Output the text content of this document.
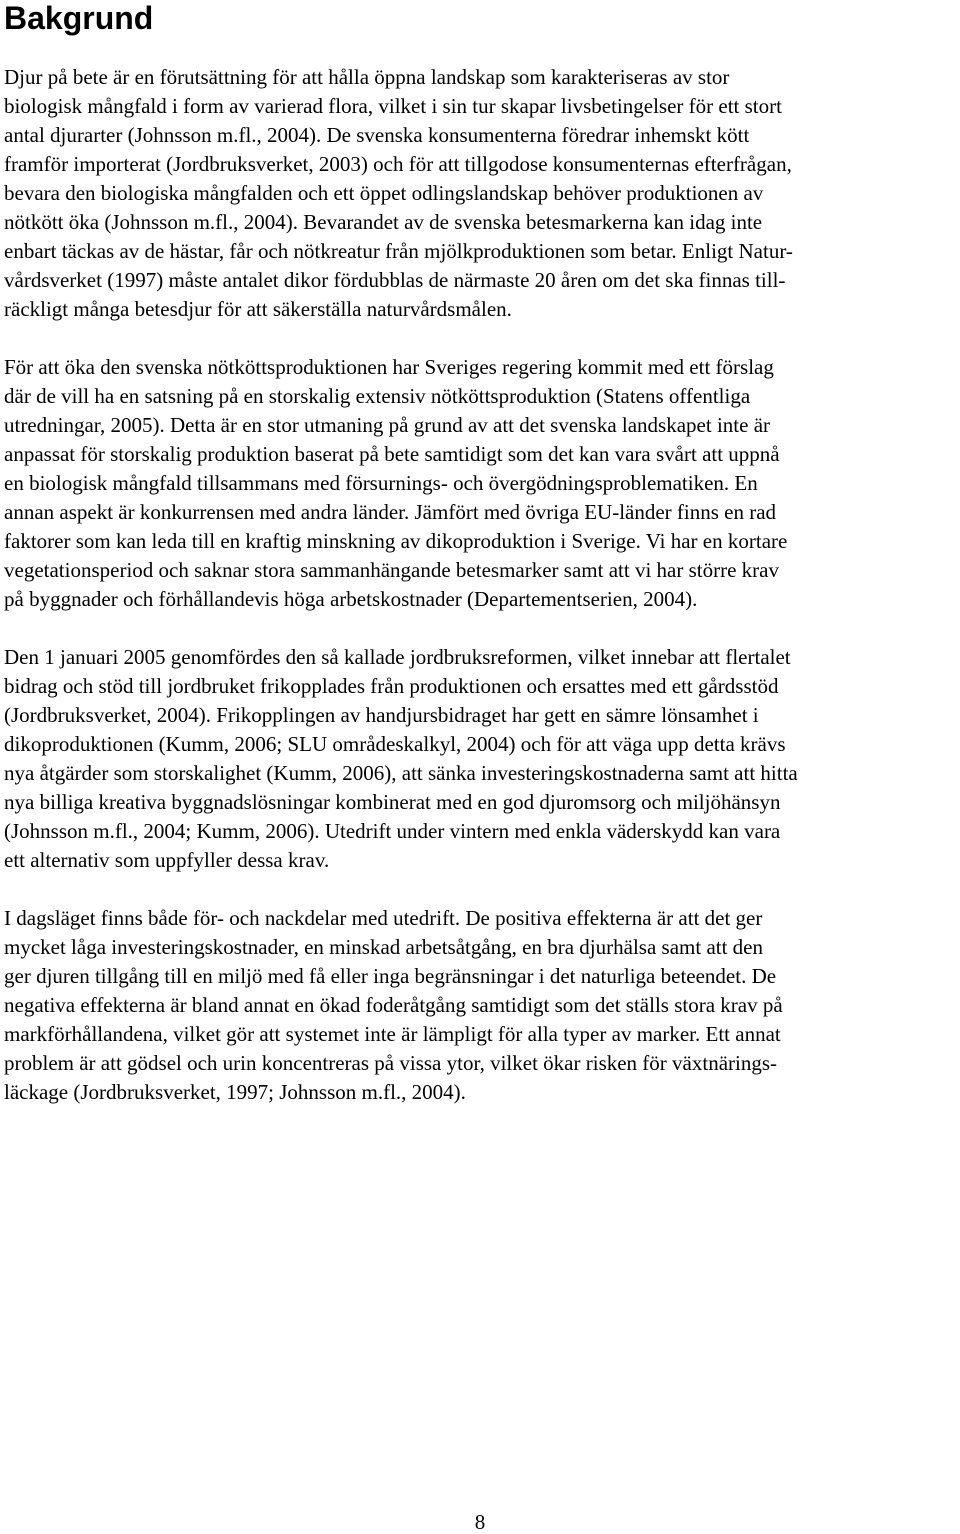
Bakgrund
Djur på bete är en förutsättning för att hålla öppna landskap som karakteriseras av stor
biologisk mångfald i form av varierad flora, vilket i sin tur skapar livsbetingelser för ett stort
antal djurarter (Johnsson m.fl., 2004). De svenska konsumenterna föredrar inhemskt kött
framför importerat (Jordbruksverket, 2003) och för att tillgodose konsumenternas efterfrågan,
bevara den biologiska mångfalden och ett öppet odlingslandskap behöver produktionen av
nötkött öka (Johnsson m.fl., 2004). Bevarandet av de svenska betesmarkerna kan idag inte
enbart täckas av de hästar, får och nötkreatur från mjölkproduktionen som betar. Enligt Natur-
vårdsverket (1997) måste antalet dikor fördubblas de närmaste 20 åren om det ska finnas till-
räckligt många betesdjur för att säkerställa naturvårdsmålen.
För att öka den svenska nötköttsproduktionen har Sveriges regering kommit med ett förslag
där de vill ha en satsning på en storskalig extensiv nötköttsproduktion (Statens offentliga
utredningar, 2005). Detta är en stor utmaning på grund av att det svenska landskapet inte är
anpassat för storskalig produktion baserat på bete samtidigt som det kan vara svårt att uppnå
en biologisk mångfald tillsammans med försurnings- och övergödningsproblematiken. En
annan aspekt är konkurrensen med andra länder. Jämfört med övriga EU-länder finns en rad
faktorer som kan leda till en kraftig minskning av dikoproduktion i Sverige. Vi har en kortare
vegetationsperiod och saknar stora sammanhängande betesmarker samt att vi har större krav
på byggnader och förhållandevis höga arbetskostnader (Departementserien, 2004).
Den 1 januari 2005 genomfördes den så kallade jordbruksreformen, vilket innebar att flertalet
bidrag och stöd till jordbruket frikopplades från produktionen och ersattes med ett gårdsstöd
(Jordbruksverket, 2004). Frikopplingen av handjursbidraget har gett en sämre lönsamhet i
dikoproduktionen (Kumm, 2006; SLU områdeskalkyl, 2004) och för att väga upp detta krävs
nya åtgärder som storskalighet (Kumm, 2006), att sänka investeringskostnaderna samt att hitta
nya billiga kreativa byggnadslösningar kombinerat med en god djuromsorg och miljöhänsyn
(Johnsson m.fl., 2004; Kumm, 2006). Utedrift under vintern med enkla väderskydd kan vara
ett alternativ som uppfyller dessa krav.
I dagsläget finns både för- och nackdelar med utedrift. De positiva effekterna är att det ger
mycket låga investeringskostnader, en minskad arbetsåtgång, en bra djurhälsa samt att den
ger djuren tillgång till en miljö med få eller inga begränsningar i det naturliga beteendet. De
negativa effekterna är bland annat en ökad foderåtgång samtidigt som det ställs stora krav på
markförhållandena, vilket gör att systemet inte är lämpligt för alla typer av marker. Ett annat
problem är att gödsel och urin koncentreras på vissa ytor, vilket ökar risken för växtnärings-
läckage (Jordbruksverket, 1997; Johnsson m.fl., 2004).
8
